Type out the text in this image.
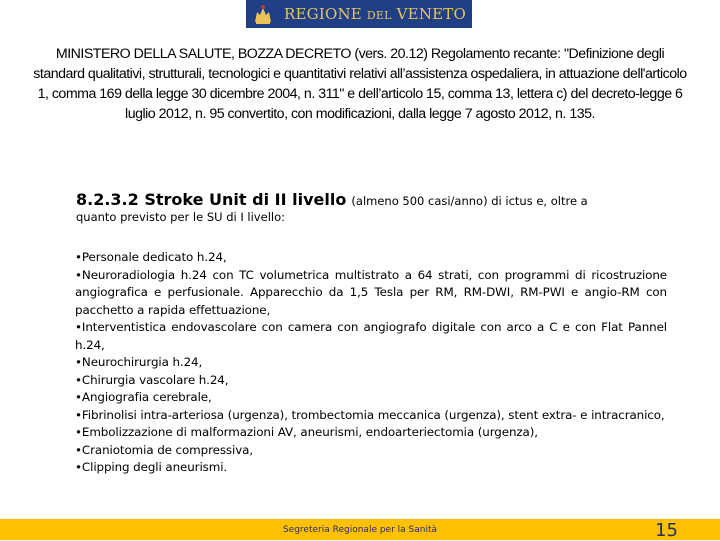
REGIONE DEL VENETO
MINISTERO DELLA SALUTE, BOZZA DECRETO (vers. 20.12) Regolamento recante: "Definizione degli standard qualitativi, strutturali, tecnologici e quantitativi relativi all’assistenza ospedaliera, in attuazione dell'articolo 1, comma 169 della legge 30 dicembre 2004, n. 311" e dell’articolo 15, comma 13, lettera c) del decreto-legge 6 luglio 2012, n. 95 convertito, con modificazioni, dalla legge 7 agosto 2012, n. 135.
8.2.3.2 Stroke Unit di II livello (almeno 500 casi/anno) di ictus e, oltre a
quanto previsto per le SU di I livello:
•Personale dedicato h.24,
•Neuroradiologia h.24 con TC volumetrica multistrato a 64 strati, con programmi di ricostruzione angiografica e perfusionale. Apparecchio da 1,5 Tesla per RM, RM-DWI, RM-PWI e angio-RM con pacchetto a rapida effettuazione,
•Interventistica endovascolare con camera con angiografo digitale con arco a C e con Flat Pannel h.24,
•Neurochirurgia h.24,
•Chirurgia vascolare h.24,
•Angiografia cerebrale,
•Fibrinolisi intra-arteriosa (urgenza), trombectomia meccanica (urgenza), stent extra- e intracranico,
•Embolizzazione di malformazioni AV, aneurismi, endoarteriectomia (urgenza),
•Craniotomia de compressiva,
•Clipping degli aneurismi.
Segreteria Regionale per la Sanità	15
